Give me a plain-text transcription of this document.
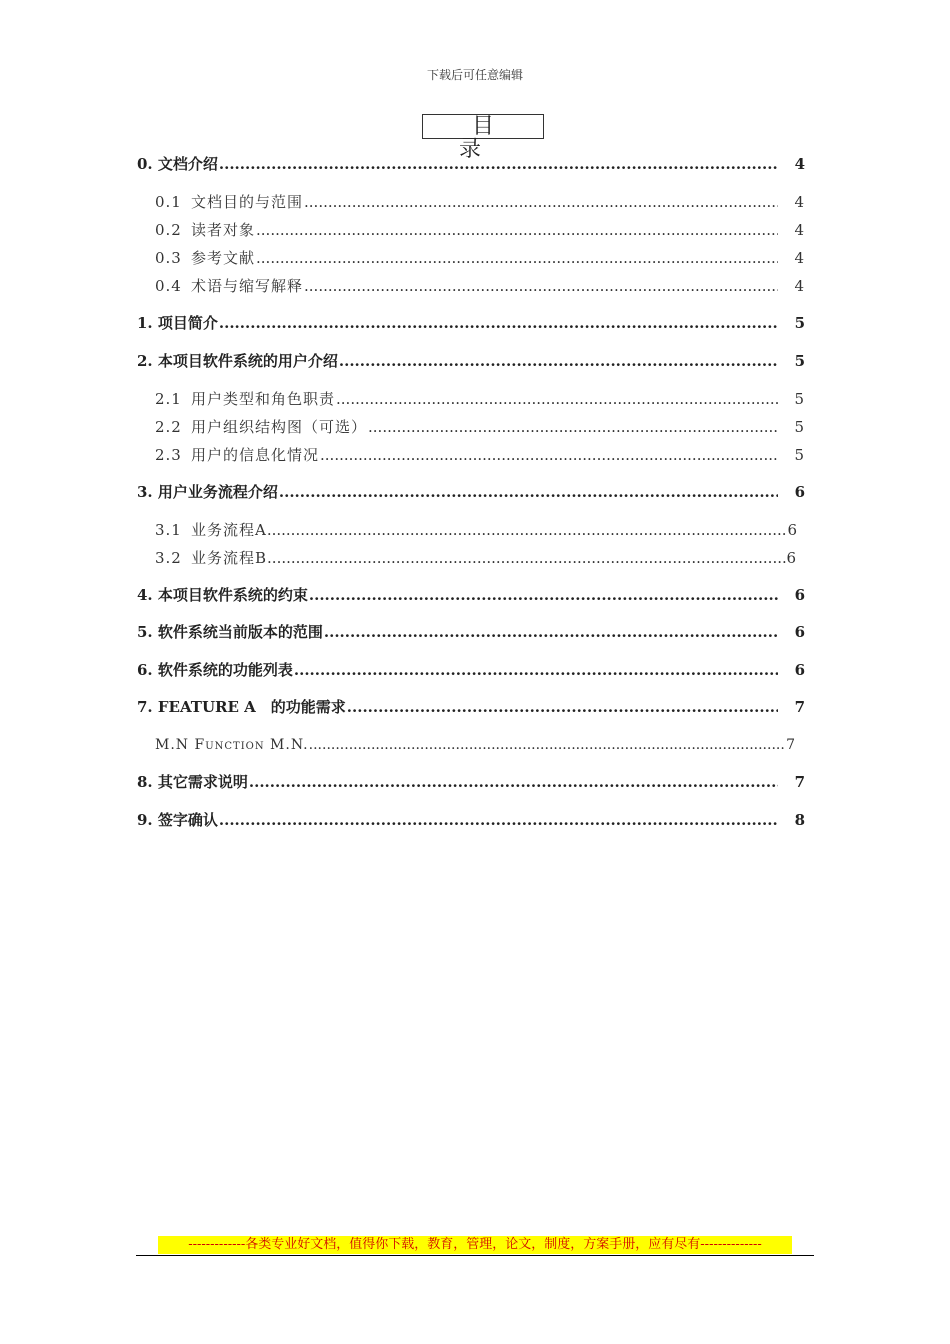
下载后可任意编辑
目　录
0. 文档介绍 .....	4
0.1 文档目的与范围 .....	4
0.2 读者对象 .....	4
0.3 参考文献 .....	4
0.4 术语与缩写解释 .....	4
1. 项目简介 .....	5
2. 本项目软件系统的用户介绍 .....	5
2.1 用户类型和角色职责 .....	5
2.2 用户组织结构图（可选） .....	5
2.3 用户的信息化情况 .....	5
3. 用户业务流程介绍 .....	6
3.1 业务流程A .....	6
3.2 业务流程B .....	6
4. 本项目软件系统的约束 .....	6
5. 软件系统当前版本的范围 .....	6
6. 软件系统的功能列表 .....	6
7. FEATURE A　的功能需求 .....	7
M.N Function M.N. .....	7
8. 其它需求说明 .....	7
9. 签字确认 .....	8
-------------各类专业好文档，值得你下载，教育，管理，论文，制度，方案手册，应有尽有--------------
